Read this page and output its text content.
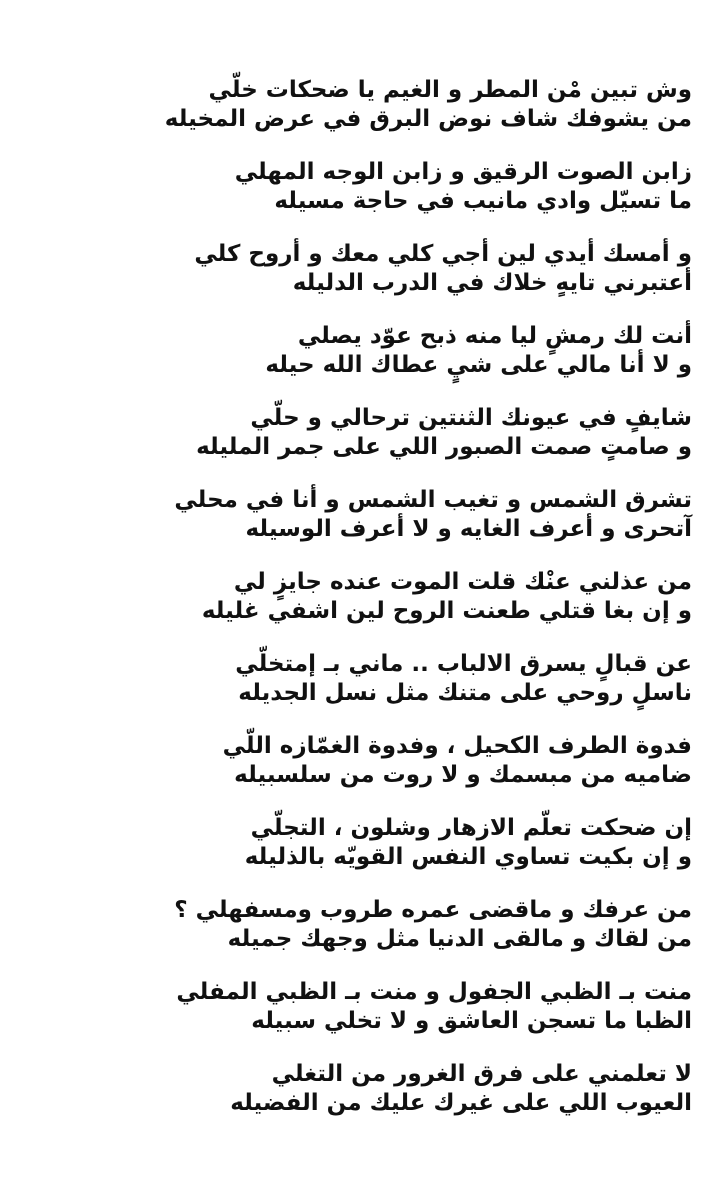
وش تبين مْن المطر و الغيم يا ضحكات خلّي
من يشوفك شاف نوض البرق في عرض المخيله
زابن الصوت الرقيق و زابن الوجه المهلي
ما تسيّل وادي مانيب في حاجة مسيله
و أمسك أيدي لين أجي كلي معك و أروح كلي
أعتبرني تايهٍ خلاك في الدرب الدليله
أنت لك رمشٍ ليا منه ذبح عوّد يصلي
و لا أنا مالي على شيٍ عطاك الله حيله
شايفٍ في عيونك الثنتين ترحالي و حلّي
و صامتٍ صمت الصبور اللي على جمر المليله
تشرق الشمس و تغيب الشمس و أنا في محلي
آتحرى و أعرف الغايه و لا أعرف الوسيله
من عذلني عنْك قلت الموت عنده جايزٍ لي
و إن بغا قتلي طعنت الروح لين اشفي غليله
عن قبالٍ يسرق الالباب .. ماني بـ إمتخلّي
ناسلٍ روحي على متنك مثل نسل الجديله
فدوة الطرف الكحيل ، وفدوة الغمّازه اللّي
ضاميه من مبسمك و لا روت من سلسبيله
إن ضحكت تعلّم الازهار وشلون ، التجلّي
و إن بكيت تساوي النفس القويّه بالذليله
من عرفك و ماقضى عمره طروب ومسفهلي ؟
من لقاك و مالقى الدنيا مثل وجهك جميله
منت بـ الظبي الجفول و منت بـ الظبي المفلي
الظبا ما تسجن العاشق و لا تخلي سبيله
لا تعلمني على فرق الغرور من التغلي
العيوب اللي على غيرك عليك من الفضيله
